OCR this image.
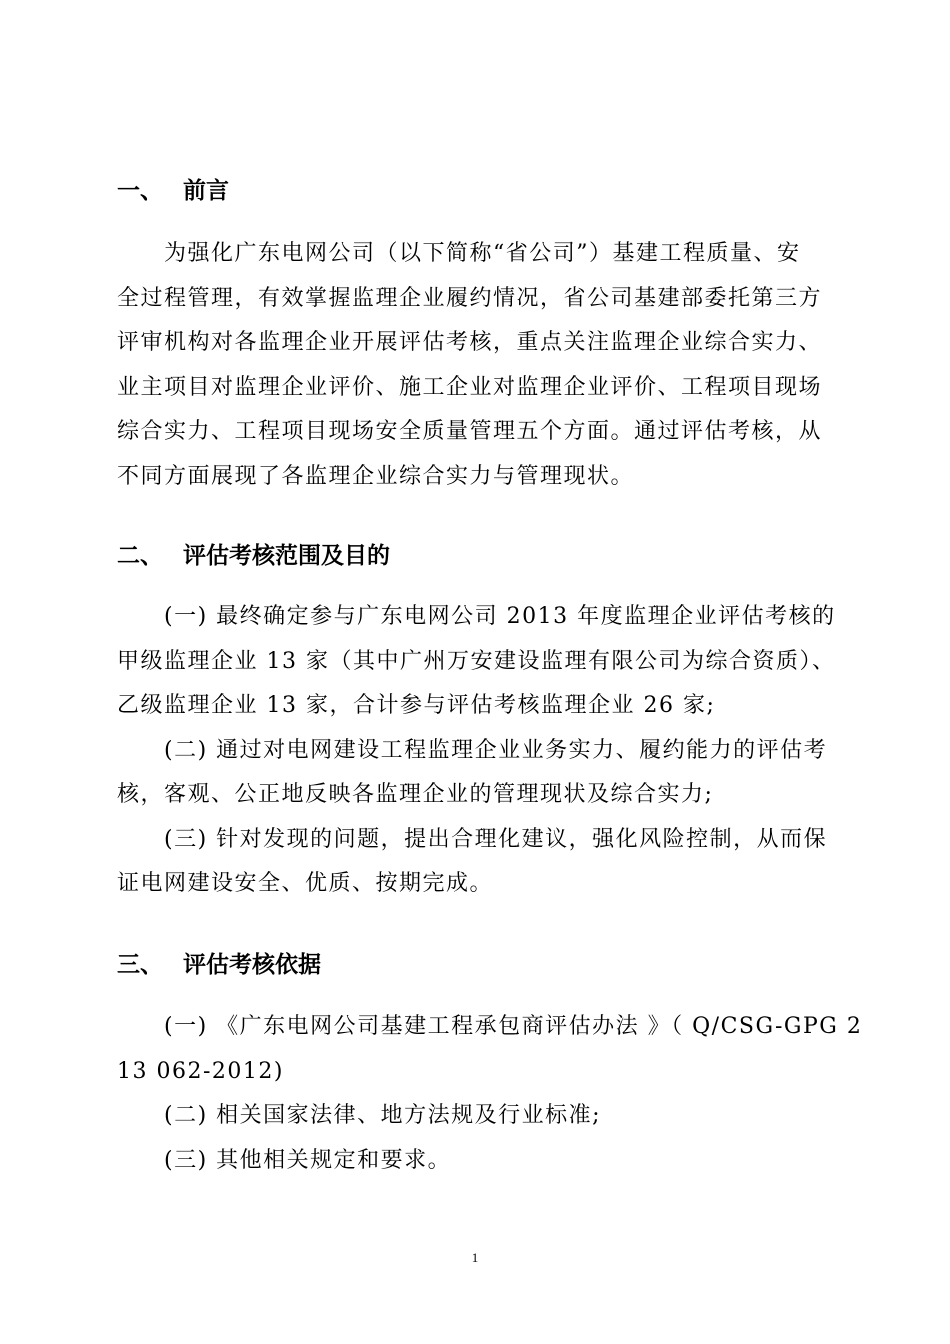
一、 前言
　　为强化广东电网公司（以下简称“省公司”）基建工程质量、安
全过程管理，有效掌握监理企业履约情况，省公司基建部委托第三方
评审机构对各监理企业开展评估考核，重点关注监理企业综合实力、
业主项目对监理企业评价、施工企业对监理企业评价、工程项目现场
综合实力、工程项目现场安全质量管理五个方面。通过评估考核，从
不同方面展现了各监理企业综合实力与管理现状。
二、 评估考核范围及目的
　　(一) 最终确定参与广东电网公司 2013 年度监理企业评估考核的
甲级监理企业 13 家（其中广州万安建设监理有限公司为综合资质）、
乙级监理企业 13 家，合计参与评估考核监理企业 26 家;
　　(二) 通过对电网建设工程监理企业业务实力、履约能力的评估考
核，客观、公正地反映各监理企业的管理现状及综合实力;
　　(三) 针对发现的问题，提出合理化建议，强化风险控制，从而保
证电网建设安全、优质、按期完成。
三、 评估考核依据
　　(一) 《广东电网公司基建工程承包商评估办法 》（ Q/CSG-GPG 2
13 062-2012)
　　(二) 相关国家法律、地方法规及行业标准;
　　(三) 其他相关规定和要求。
1
